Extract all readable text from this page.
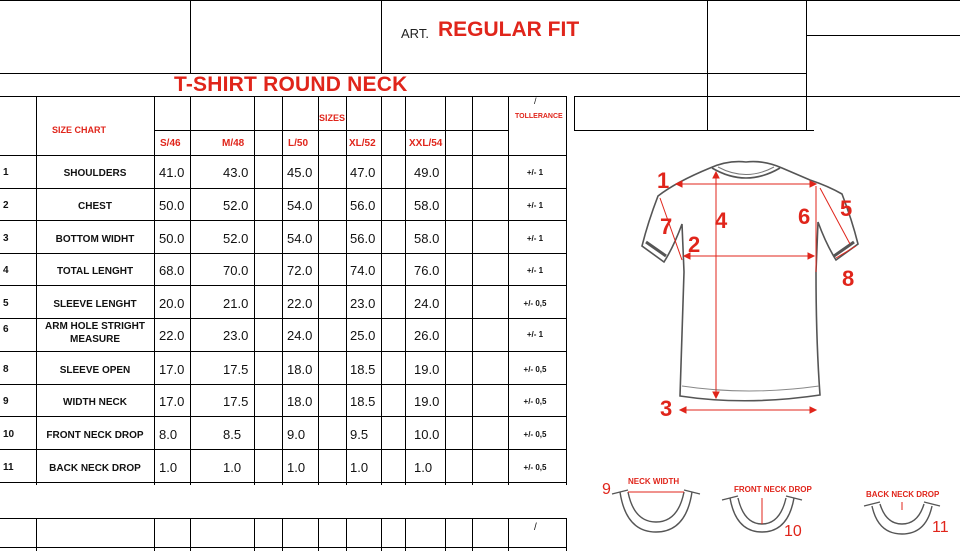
ART. REGULAR FIT
T-SHIRT ROUND NECK
SIZE CHART
SIZES
/
TOLLERANCE
S/46	M/48	L/50	XL/52	XXL/54
1	SHOULDERS	41.0	43.0	45.0	47.0	49.0	+/- 1
2	CHEST	50.0	52.0	54.0	56.0	58.0	+/- 1
3	BOTTOM WIDHT	50.0	52.0	54.0	56.0	58.0	+/- 1
4	TOTAL LENGHT	68.0	70.0	72.0	74.0	76.0	+/- 1
5	SLEEVE LENGHT	20.0	21.0	22.0	23.0	24.0	+/- 0,5
6	ARM HOLE STRIGHT MEASURE	22.0	23.0	24.0	25.0	26.0	+/- 1
8	SLEEVE OPEN	17.0	17.5	18.0	18.5	19.0	+/- 0,5
9	WIDTH NECK	17.0	17.5	18.0	18.5	19.0	+/- 0,5
10	FRONT NECK DROP	8.0	8.5	9.0	9.5	10.0	+/- 0,5
11	BACK NECK DROP	1.0	1.0	1.0	1.0	1.0	+/- 0,5
/
1
2
3
4	5
6
7
8
9 NECK WIDTH
FRONT NECK DROP
10
BACK NECK DROP
11
